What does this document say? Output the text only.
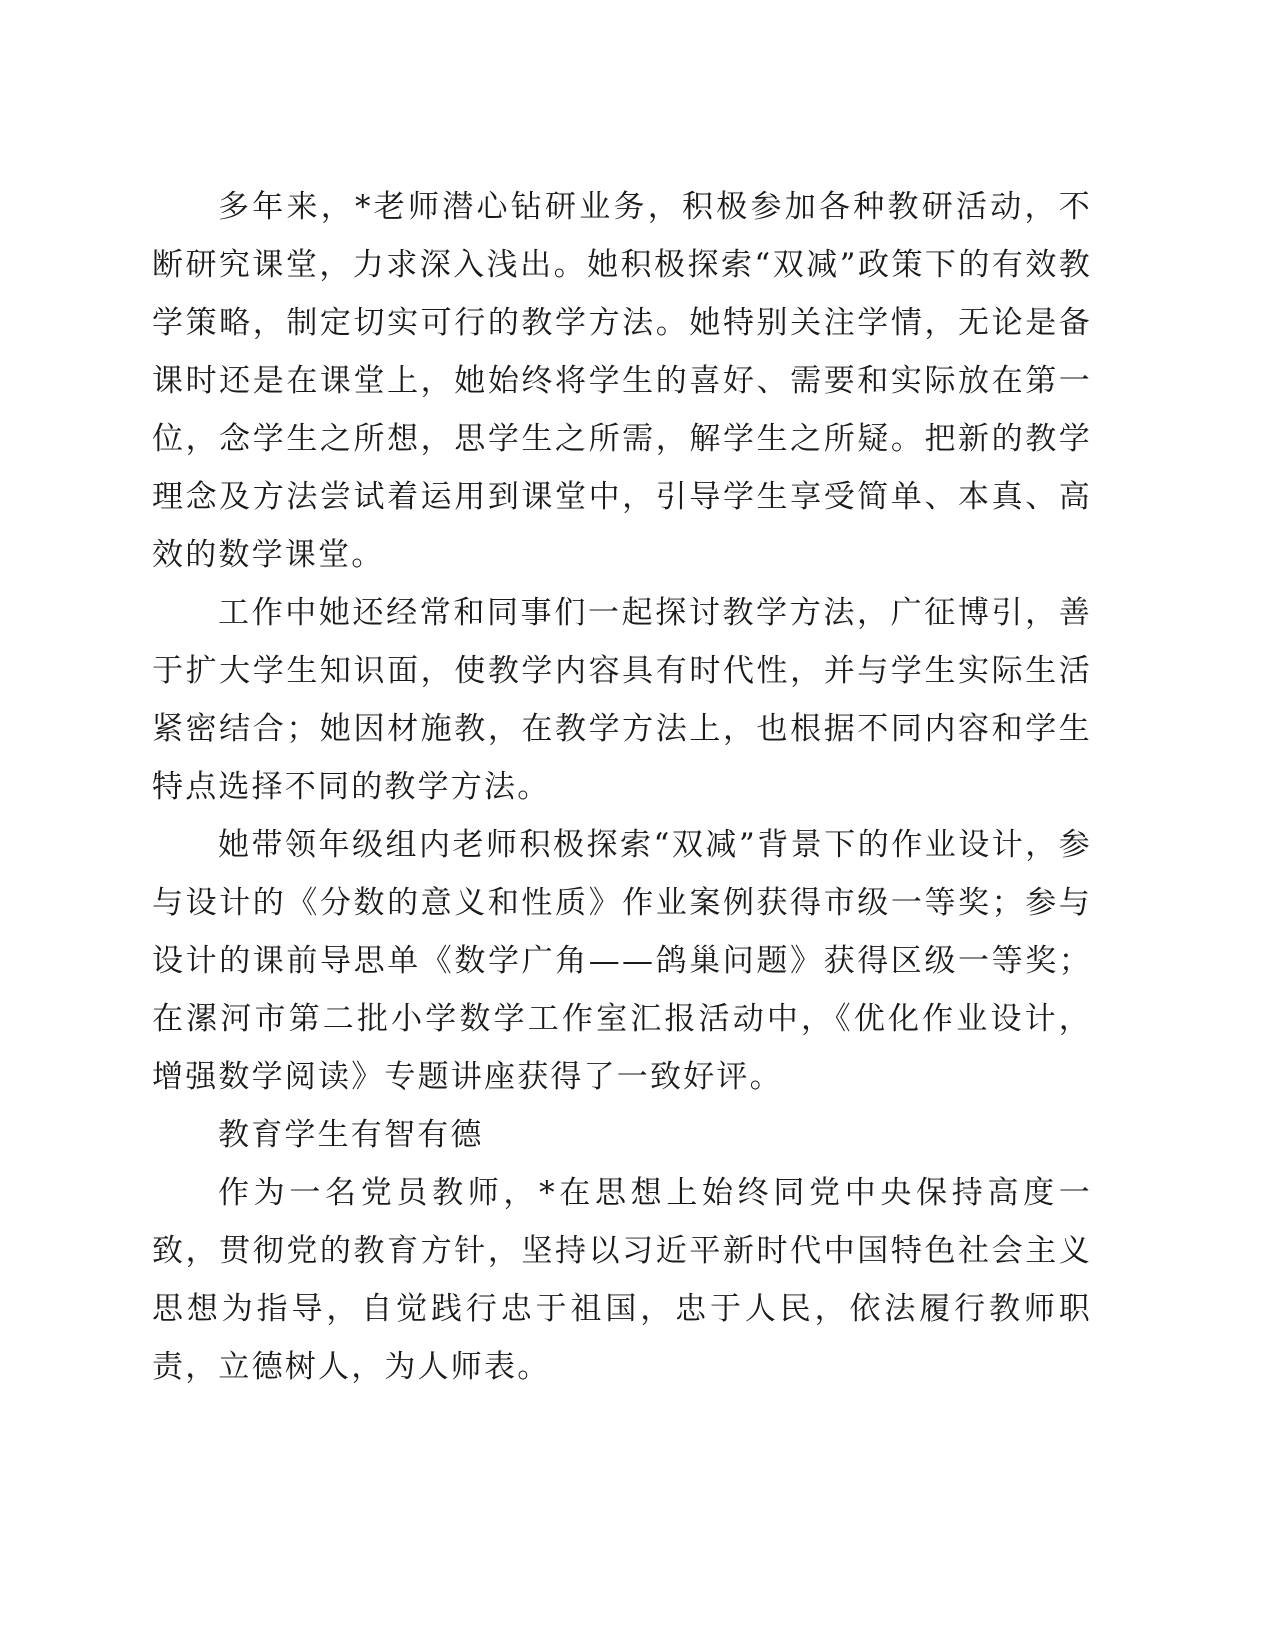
多年来，*老师潜心钻研业务，积极参加各种教研活动，不断研究课堂，力求深入浅出。她积极探索“双减”政策下的有效教学策略，制定切实可行的教学方法。她特别关注学情，无论是备课时还是在课堂上，她始终将学生的喜好、需要和实际放在第一位，念学生之所想，思学生之所需，解学生之所疑。把新的教学理念及方法尝试着运用到课堂中，引导学生享受简单、本真、高效的数学课堂。

工作中她还经常和同事们一起探讨教学方法，广征博引，善于扩大学生知识面，使教学内容具有时代性，并与学生实际生活紧密结合；她因材施教，在教学方法上，也根据不同内容和学生特点选择不同的教学方法。

她带领年级组内老师积极探索“双减”背景下的作业设计，参与设计的《分数的意义和性质》作业案例获得市级一等奖；参与设计的课前导思单《数学广角——鸽巢问题》获得区级一等奖；在漯河市第二批小学数学工作室汇报活动中，《优化作业设计，增强数学阅读》专题讲座获得了一致好评。

教育学生有智有德

作为一名党员教师，*在思想上始终同党中央保持高度一致，贯彻党的教育方针，坚持以习近平新时代中国特色社会主义思想为指导，自觉践行忠于祖国，忠于人民，依法履行教师职责，立德树人，为人师表。
